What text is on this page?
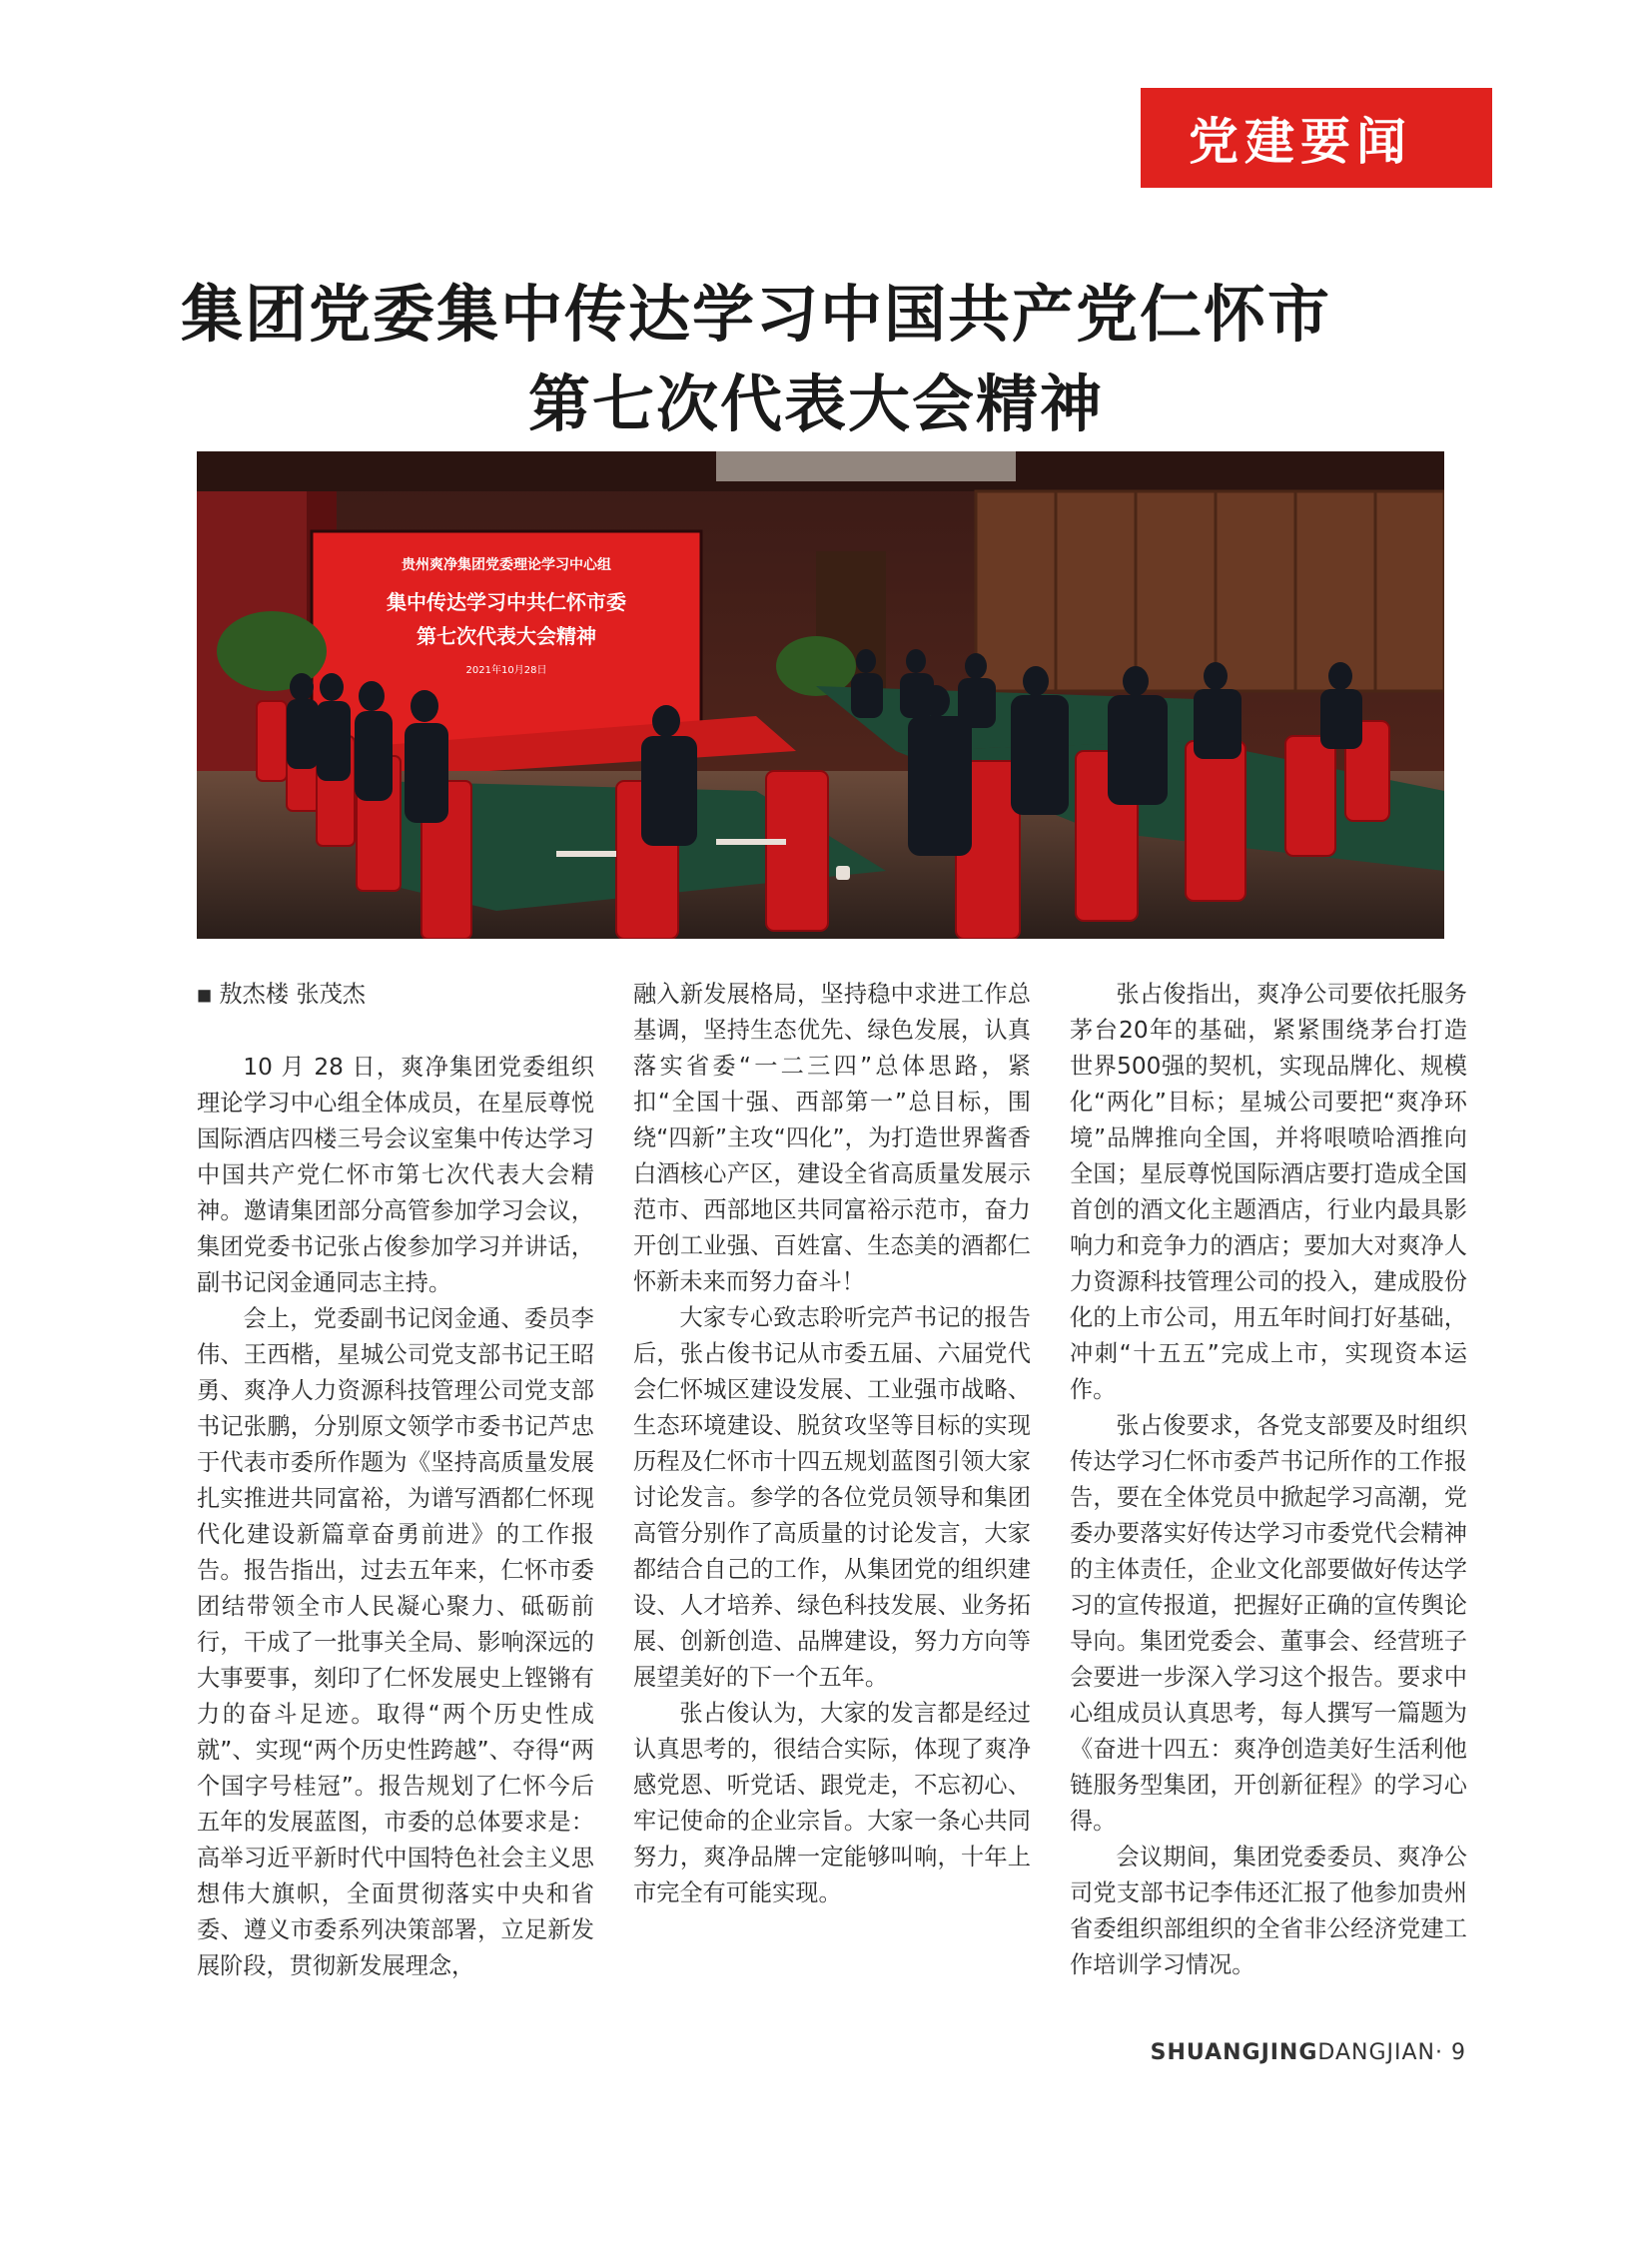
党建要闻
集团党委集中传达学习中国共产党仁怀市
第七次代表大会精神
贵州爽净集团党委理论学习中心组
集中传达学习中共仁怀市委
第七次代表大会精神
2021年10月28日

■ 敖杰楼 张茂杰

10 月 28 日，爽净集团党委组织理论学习中心组全体成员，在星辰尊悦国际酒店四楼三号会议室集中传达学习中国共产党仁怀市第七次代表大会精神。邀请集团部分高管参加学习会议，集团党委书记张占俊参加学习并讲话，副书记闵金通同志主持。

会上，党委副书记闵金通、委员李伟、王西楷，星城公司党支部书记王昭勇、爽净人力资源科技管理公司党支部书记张鹏，分别原文领学市委书记芦忠于代表市委所作题为《坚持高质量发展 扎实推进共同富裕，为谱写酒都仁怀现代化建设新篇章奋勇前进》的工作报告。报告指出，过去五年来，仁怀市委团结带领全市人民凝心聚力、砥砺前行，干成了一批事关全局、影响深远的大事要事，刻印了仁怀发展史上铿锵有力的奋斗足迹。取得“两个历史性成就”、实现“两个历史性跨越”、夺得“两个国字号桂冠”。报告规划了仁怀今后五年的发展蓝图，市委的总体要求是：高举习近平新时代中国特色社会主义思想伟大旗帜，全面贯彻落实中央和省委、遵义市委系列决策部署，立足新发展阶段，贯彻新发展理念，

融入新发展格局，坚持稳中求进工作总基调，坚持生态优先、绿色发展，认真落实省委“一二三四”总体思路，紧扣“全国十强、西部第一”总目标，围绕“四新”主攻“四化”，为打造世界酱香白酒核心产区，建设全省高质量发展示范市、西部地区共同富裕示范市，奋力开创工业强、百姓富、生态美的酒都仁怀新未来而努力奋斗！

大家专心致志聆听完芦书记的报告后，张占俊书记从市委五届、六届党代会仁怀城区建设发展、工业强市战略、生态环境建设、脱贫攻坚等目标的实现历程及仁怀市十四五规划蓝图引领大家讨论发言。参学的各位党员领导和集团高管分别作了高质量的讨论发言，大家都结合自己的工作，从集团党的组织建设、人才培养、绿色科技发展、业务拓展、创新创造、品牌建设，努力方向等展望美好的下一个五年。

张占俊认为，大家的发言都是经过认真思考的，很结合实际，体现了爽净感党恩、听党话、跟党走，不忘初心、牢记使命的企业宗旨。大家一条心共同努力，爽净品牌一定能够叫响，十年上市完全有可能实现。

张占俊指出，爽净公司要依托服务茅台20年的基础，紧紧围绕茅台打造世界500强的契机，实现品牌化、规模化“两化”目标；星城公司要把“爽净环境”品牌推向全国，并将哏喷哈酒推向全国；星辰尊悦国际酒店要打造成全国首创的酒文化主题酒店，行业内最具影响力和竞争力的酒店；要加大对爽净人力资源科技管理公司的投入，建成股份化的上市公司，用五年时间打好基础，冲刺“十五五”完成上市，实现资本运作。

张占俊要求，各党支部要及时组织传达学习仁怀市委芦书记所作的工作报告，要在全体党员中掀起学习高潮，党委办要落实好传达学习市委党代会精神的主体责任，企业文化部要做好传达学习的宣传报道，把握好正确的宣传舆论导向。集团党委会、董事会、经营班子会要进一步深入学习这个报告。要求中心组成员认真思考，每人撰写一篇题为《奋进十四五：爽净创造美好生活利他链服务型集团，开创新征程》的学习心得。

会议期间，集团党委委员、爽净公司党支部书记李伟还汇报了他参加贵州省委组织部组织的全省非公经济党建工作培训学习情况。

SHUANGJINGDANGJIAN· 9
